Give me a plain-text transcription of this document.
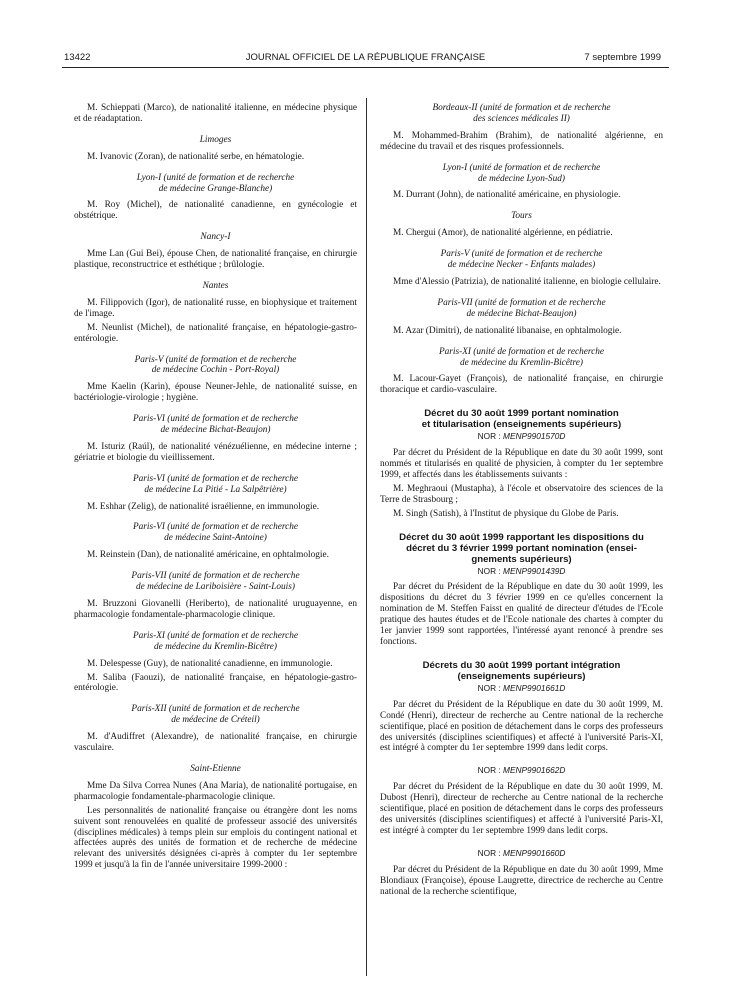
13422	JOURNAL OFFICIEL DE LA RÉPUBLIQUE FRANÇAISE	7 septembre 1999

M. Schieppati (Marco), de nationalité italienne, en médecine physique et de réadaptation.

Limoges

M. Ivanovic (Zoran), de nationalité serbe, en hématologie.

Lyon-I (unité de formation et de recherche
de médecine Grange-Blanche)

M. Roy (Michel), de nationalité canadienne, en gynécologie et obstétrique.

Nancy-I

Mme Lan (Gui Bei), épouse Chen, de nationalité française, en chirurgie plastique, reconstructrice et esthétique ; brûlologie.

Nantes

M. Filippovich (Igor), de nationalité russe, en biophysique et traitement de l'image.

M. Neunlist (Michel), de nationalité française, en hépatologie-gastro-entérologie.

Paris-V (unité de formation et de recherche
de médecine Cochin - Port-Royal)

Mme Kaelin (Karin), épouse Neuner-Jehle, de nationalité suisse, en bactériologie-virologie ; hygiène.

Paris-VI (unité de formation et de recherche
de médecine Bichat-Beaujon)

M. Isturiz (Raúl), de nationalité vénézuélienne, en médecine interne ; gériatrie et biologie du vieillissement.

Paris-VI (unité de formation et de recherche
de médecine La Pitié - La Salpêtrière)

M. Eshhar (Zelig), de nationalité israélienne, en immunologie.

Paris-VI (unité de formation et de recherche
de médecine Saint-Antoine)

M. Reinstein (Dan), de nationalité américaine, en ophtalmologie.

Paris-VII (unité de formation et de recherche
de médecine de Lariboisière - Saint-Louis)

M. Bruzzoni Giovanelli (Heriberto), de nationalité uruguayenne, en pharmacologie fondamentale-pharmacologie clinique.

Paris-XI (unité de formation et de recherche
de médecine du Kremlin-Bicêtre)

M. Delespesse (Guy), de nationalité canadienne, en immunologie.

M. Saliba (Faouzi), de nationalité française, en hépatologie-gastro-entérologie.

Paris-XII (unité de formation et de recherche
de médecine de Créteil)

M. d'Audiffret (Alexandre), de nationalité française, en chirurgie vasculaire.

Saint-Etienne

Mme Da Silva Correa Nunes (Ana Maria), de nationalité portugaise, en pharmacologie fondamentale-pharmacologie clinique.

Les personnalités de nationalité française ou étrangère dont les noms suivent sont renouvelées en qualité de professeur associé des universités (disciplines médicales) à temps plein sur emplois du contingent national et affectées auprès des unités de formation et de recherche de médecine relevant des universités désignées ci-après à compter du 1er septembre 1999 et jusqu'à la fin de l'année universitaire 1999-2000 :

Bordeaux-II (unité de formation et de recherche
des sciences médicales II)

M. Mohammed-Brahim (Brahim), de nationalité algérienne, en médecine du travail et des risques professionnels.

Lyon-I (unité de formation et de recherche
de médecine Lyon-Sud)

M. Durrant (John), de nationalité américaine, en physiologie.

Tours

M. Chergui (Amor), de nationalité algérienne, en pédiatrie.

Paris-V (unité de formation et de recherche
de médecine Necker - Enfants malades)

Mme d'Alessio (Patrizia), de nationalité italienne, en biologie cellulaire.

Paris-VII (unité de formation et de recherche
de médecine Bichat-Beaujon)

M. Azar (Dimitri), de nationalité libanaise, en ophtalmologie.

Paris-XI (unité de formation et de recherche
de médecine du Kremlin-Bicêtre)

M. Lacour-Gayet (François), de nationalité française, en chirurgie thoracique et cardio-vasculaire.

Décret du 30 août 1999 portant nomination
et titularisation (enseignements supérieurs)
NOR : MENP9901570D

Par décret du Président de la République en date du 30 août 1999, sont nommés et titularisés en qualité de physicien, à compter du 1er septembre 1999, et affectés dans les établissements suivants :

M. Meghraoui (Mustapha), à l'école et observatoire des sciences de la Terre de Strasbourg ;

M. Singh (Satish), à l'Institut de physique du Globe de Paris.

Décret du 30 août 1999 rapportant les dispositions du
décret du 3 février 1999 portant nomination (ensei-
gnements supérieurs)
NOR : MENP9901439D

Par décret du Président de la République en date du 30 août 1999, les dispositions du décret du 3 février 1999 en ce qu'elles concernent la nomination de M. Steffen Faisst en qualité de directeur d'études de l'Ecole pratique des hautes études et de l'Ecole nationale des chartes à compter du 1er janvier 1999 sont rapportées, l'intéressé ayant renoncé à prendre ses fonctions.

Décrets du 30 août 1999 portant intégration
(enseignements supérieurs)
NOR : MENP9901661D

Par décret du Président de la République en date du 30 août 1999, M. Condé (Henri), directeur de recherche au Centre national de la recherche scientifique, placé en position de détachement dans le corps des professeurs des universités (disciplines scientifiques) et affecté à l'université Paris-XI, est intégré à compter du 1er septembre 1999 dans ledit corps.

NOR : MENP9901662D

Par décret du Président de la République en date du 30 août 1999, M. Dubost (Henri), directeur de recherche au Centre national de la recherche scientifique, placé en position de détachement dans le corps des professeurs des universités (disciplines scientifiques) et affecté à l'université Paris-XI, est intégré à compter du 1er septembre 1999 dans ledit corps.

NOR : MENP9901660D

Par décret du Président de la République en date du 30 août 1999, Mme Blondiaux (Françoise), épouse Laugrette, directrice de recherche au Centre national de la recherche scientifique,
